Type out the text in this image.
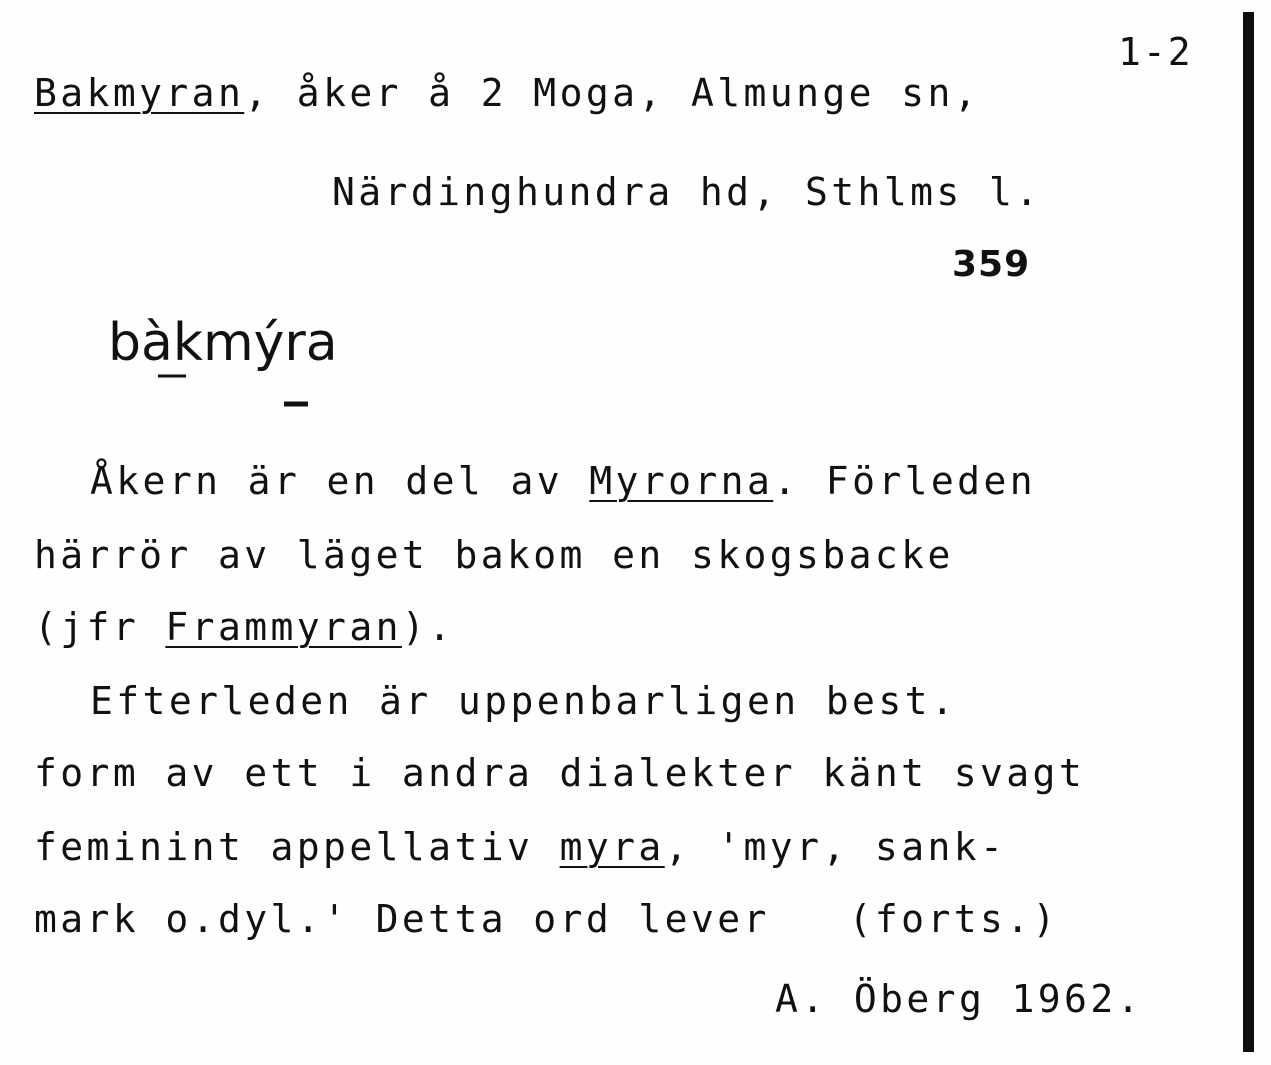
1-2
Bakmyran, åker å 2 Moga, Almunge sn,
Närdinghundra hd, Sthlms l.
359
bàkmýra
Åkern är en del av Myrorna. Förleden
härrör av läget bakom en skogsbacke
(jfr Frammyran).
Efterleden är uppenbarligen best.
form av ett i andra dialekter känt svagt
feminint appellativ myra, 'myr, sank-
mark o.dyl.' Detta ord lever   (forts.)
A. Öberg 1962.
